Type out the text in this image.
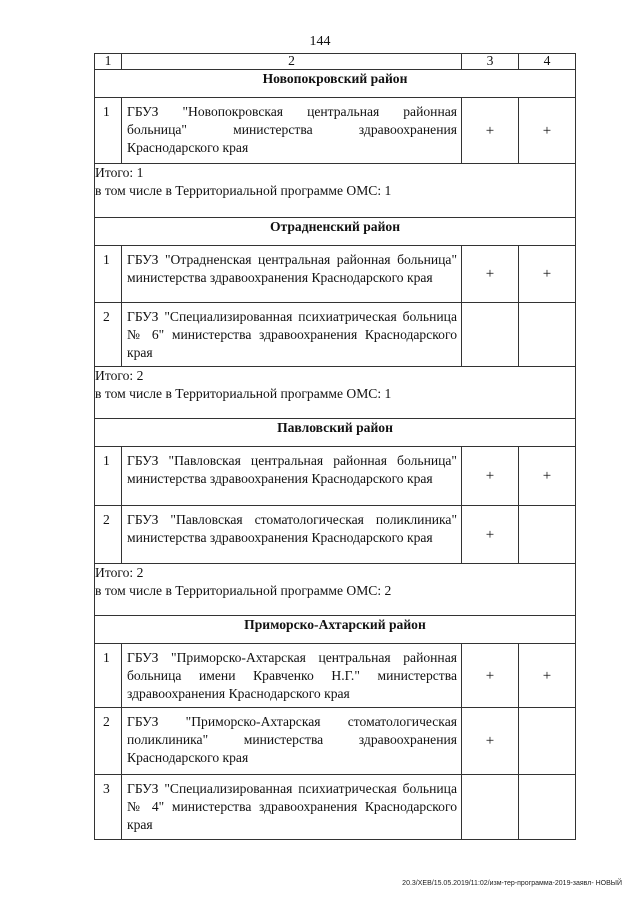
144
1	2	3	4
Новопокровский район			
1	ГБУЗ "Новопокровская центральная районная больница" министерства здравоохранения Краснодарского края	+	+

Итого: 1
в том числе в Территориальной программе ОМС: 1			

Отрадненский район			
1	ГБУЗ "Отрадненская центральная районная больница" министерства здравоохранения Краснодарского края	+	+
2	ГБУЗ "Специализированная психиатрическая больница № 6" министерства здравоохранения Краснодарского края		

Итого: 2
в том числе в Территориальной программе ОМС: 1			

Павловский район			
1	ГБУЗ "Павловская центральная районная больница" министерства здравоохранения Краснодарского края	+	+
2	ГБУЗ "Павловская стоматологическая поликлиника" министерства здравоохранения Краснодарского края	+	

Итого: 2
в том числе в Территориальной программе ОМС: 2			

Приморско-Ахтарский район			
1	ГБУЗ "Приморско-Ахтарская центральная районная больница имени Кравченко Н.Г." министерства здравоохранения Краснодарского края	+	+
2	ГБУЗ "Приморско-Ахтарская стоматологическая поликлиника" министерства здравоохранения Краснодарского края	+	
3	ГБУЗ "Специализированная психиатрическая больница № 4" министерства здравоохранения Краснодарского края		
20.3/ХЕВ/15.05.2019/11:02/изм-тер-программа-2019-заявл- НОВЫЙ
